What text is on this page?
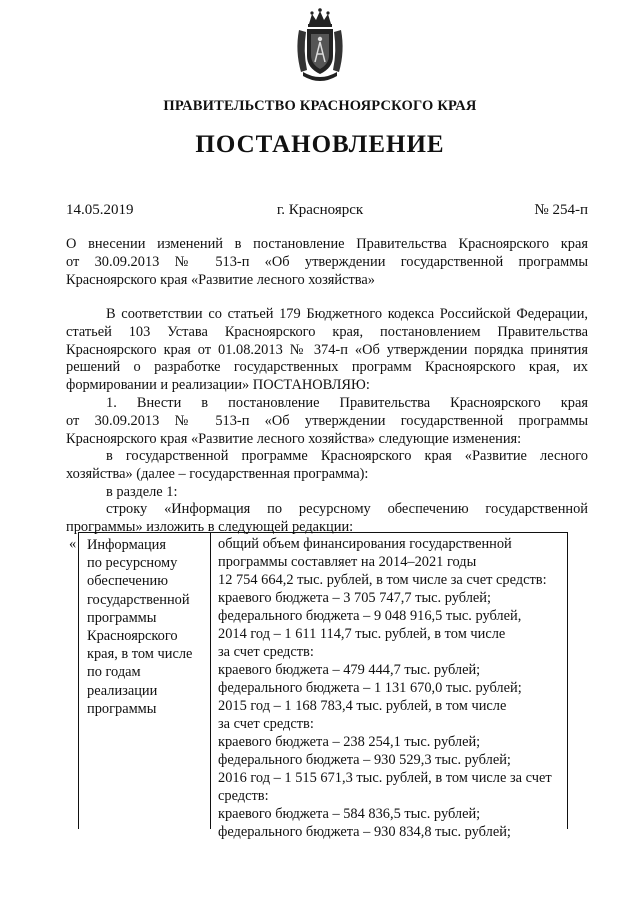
ПРАВИТЕЛЬСТВО КРАСНОЯРСКОГО КРАЯ
ПОСТАНОВЛЕНИЕ
14.05.2019	г. Красноярск	№ 254-п
О внесении изменений в постановление Правительства Красноярского края
от 30.09.2013 № 513-п «Об утверждении государственной программы
Красноярского края «Развитие лесного хозяйства»
В соответствии со статьей 179 Бюджетного кодекса Российской Федерации,
статьей 103 Устава Красноярского края, постановлением Правительства
Красноярского края от 01.08.2013 № 374-п «Об утверждении порядка принятия
решений о разработке государственных программ Красноярского края, их
формировании и реализации» ПОСТАНОВЛЯЮ:
1. Внести в постановление Правительства Красноярского края
от 30.09.2013 № 513-п «Об утверждении государственной программы
Красноярского края «Развитие лесного хозяйства» следующие изменения:
в государственной программе Красноярского края «Развитие лесного
хозяйства» (далее – государственная программа):
в разделе 1:
строку «Информация по ресурсному обеспечению государственной
программы» изложить в следующей редакции:
« Информация
по ресурсному
обеспечению
государственной
программы
Красноярского
края, в том числе
по годам
реализации
программы
общий объем финансирования государственной
программы составляет на 2014–2021 годы
12 754 664,2 тыс. рублей, в том числе за счет средств:
краевого бюджета – 3 705 747,7 тыс. рублей;
федерального бюджета – 9 048 916,5 тыс. рублей,
2014 год – 1 611 114,7 тыс. рублей, в том числе
за счет средств:
краевого бюджета – 479 444,7 тыс. рублей;
федерального бюджета – 1 131 670,0 тыс. рублей;
2015 год – 1 168 783,4 тыс. рублей, в том числе
за счет средств:
краевого бюджета – 238 254,1 тыс. рублей;
федерального бюджета – 930 529,3 тыс. рублей;
2016 год – 1 515 671,3 тыс. рублей, в том числе за счет
средств:
краевого бюджета – 584 836,5 тыс. рублей;
федерального бюджета – 930 834,8 тыс. рублей;
